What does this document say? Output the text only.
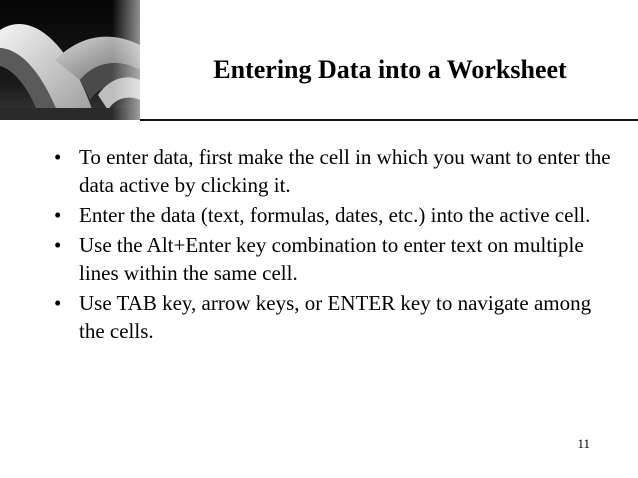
Entering Data into a Worksheet
• To enter data, first make the cell in which you want to enter the data active by clicking it.
• Enter the data (text, formulas, dates, etc.) into the active cell.
• Use the Alt+Enter key combination to enter text on multiple lines within the same cell.
• Use TAB key, arrow keys, or ENTER key to navigate among the cells.
11
